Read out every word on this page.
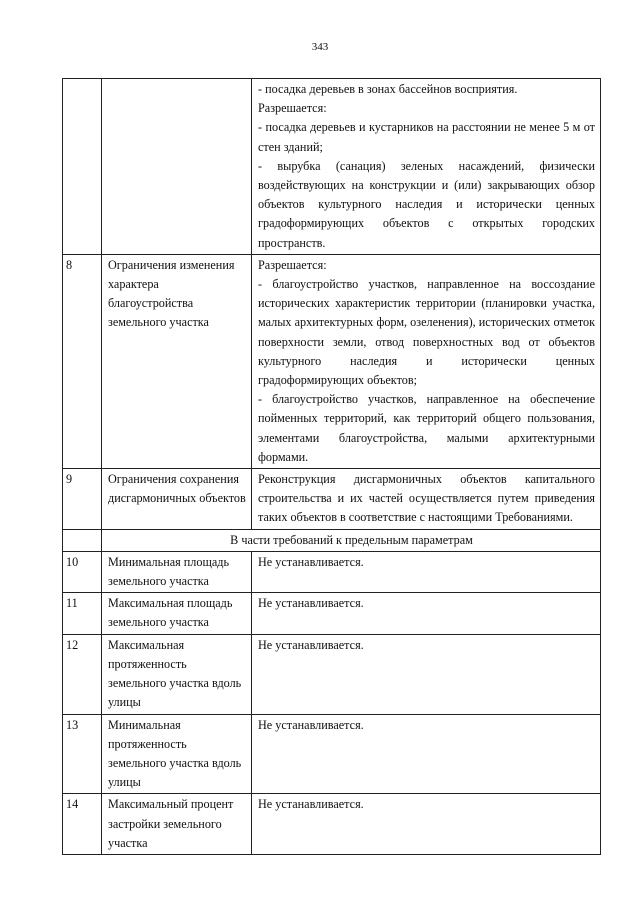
343

		- посадка деревьев в зонах бассейнов восприятия.

Разрешается:

- посадка деревьев и кустарников на расстоянии не менее 5 м от стен зданий;

- вырубка (санация) зеленых насаждений, физически воздействующих на конструкции и (или) закрывающих обзор объектов культурного наследия и исторически ценных градоформирующих объектов с открытых городских пространств.

8	Ограничения изменения характера благоустройства земельного участка	Разрешается:

- благоустройство участков, направленное на воссоздание исторических характеристик территории (планировки участка, малых архитектурных форм, озеленения), исторических отметок поверхности земли, отвод поверхностных вод от объектов культурного наследия и исторически ценных градоформирующих объектов;

- благоустройство участков, направленное на обеспечение пойменных территорий, как территорий общего пользования, элементами благоустройства, малыми архитектурными формами.

9	Ограничения сохранения дисгармоничных объектов	Реконструкция дисгармоничных объектов капитального строительства и их частей осуществляется путем приведения таких объектов в соответствие с настоящими Требованиями.
	В части требований к предельным параметрам	
10	Минимальная площадь земельного участка	Не устанавливается.
11	Максимальная площадь земельного участка	Не устанавливается.
12	Максимальная протяженность земельного участка вдоль улицы	Не устанавливается.
13	Минимальная протяженность земельного участка вдоль улицы	Не устанавливается.
14	Максимальный процент застройки земельного участка	Не устанавливается.
